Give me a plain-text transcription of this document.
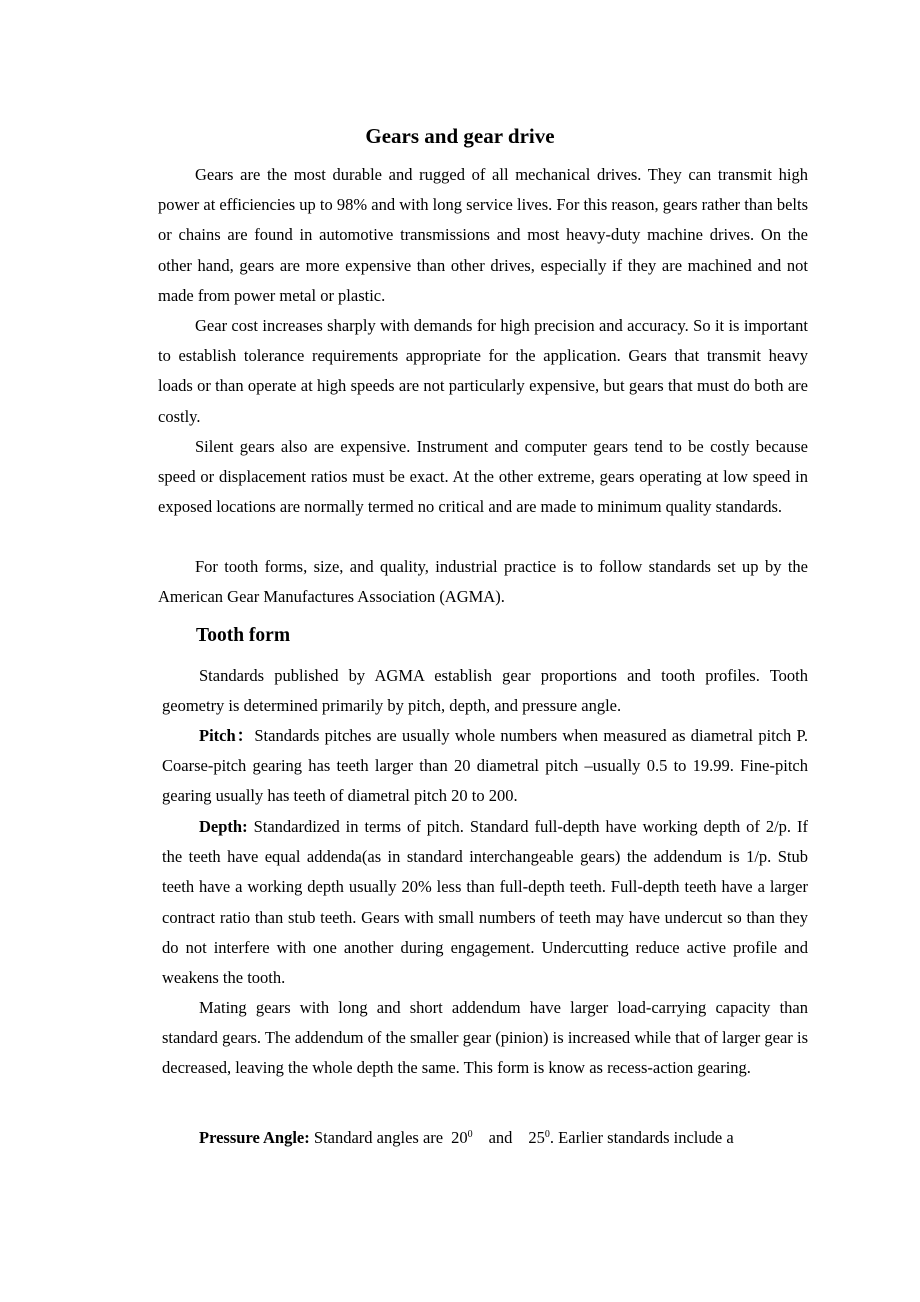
Gears and gear drive

Gears are the most durable and rugged of all mechanical drives. They can transmit high power at efficiencies up to 98% and with long service lives. For this reason, gears rather than belts or chains are found in automotive transmissions and most heavy-duty machine drives. On the other hand, gears are more expensive than other drives, especially if they are machined and not made from power metal or plastic.

Gear cost increases sharply with demands for high precision and accuracy. So it is important to establish tolerance requirements appropriate for the application. Gears that transmit heavy loads or than operate at high speeds are not particularly expensive, but gears that must do both are costly.

Silent gears also are expensive. Instrument and computer gears tend to be costly because speed or displacement ratios must be exact. At the other extreme, gears operating at low speed in exposed locations are normally termed no critical and are made to minimum quality standards.

For tooth forms, size, and quality, industrial practice is to follow standards set up by the American Gear Manufactures Association (AGMA).

Tooth form

Standards published by AGMA establish gear proportions and tooth profiles. Tooth geometry is determined primarily by pitch, depth, and pressure angle.

Pitch：Standards pitches are usually whole numbers when measured as diametral pitch P. Coarse-pitch gearing has teeth larger than 20 diametral pitch –usually 0.5 to 19.99. Fine-pitch gearing usually has teeth of diametral pitch 20 to 200.

Depth: Standardized in terms of pitch. Standard full-depth have working depth of 2/p. If the teeth have equal addenda(as in standard interchangeable gears) the addendum is 1/p. Stub teeth have a working depth usually 20% less than full-depth teeth. Full-depth teeth have a larger contract ratio than stub teeth. Gears with small numbers of teeth may have undercut so than they do not interfere with one another during engagement. Undercutting reduce active profile and weakens the tooth.

Mating gears with long and short addendum have larger load-carrying capacity than standard gears. The addendum of the smaller gear (pinion) is increased while that of larger gear is decreased, leaving the whole depth the same. This form is know as recess-action gearing.

Pressure Angle: Standard angles are $20^0$ and $25^0$. Earlier standards include a
